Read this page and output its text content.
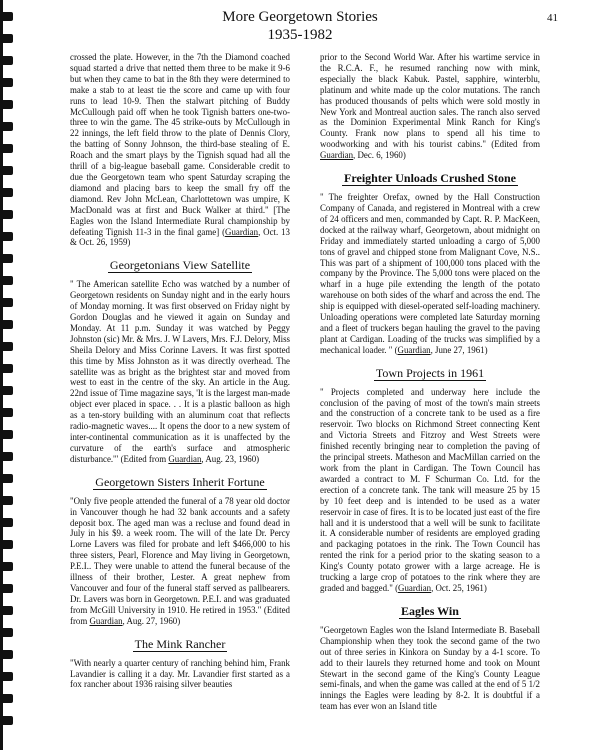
More Georgetown Stories
1935-1982
41

crossed the plate. However, in the 7th the Diamond coached squad started a drive that netted them three to be make it 9-6 but when they came to bat in the 8th they were determined to make a stab to at least tie the score and came up with four runs to lead 10-9. Then the stalwart pitching of Buddy McCullough paid off when he took Tignish batters one-two-three to win the game. The 45 strike-outs by McCullough in 22 innings, the left field throw to the plate of Dennis Clory, the batting of Sonny Johnson, the third-base stealing of E. Roach and the smart plays by the Tignish squad had all the thrill of a big-league baseball game. Considerable credit to due the Georgetown team who spent Saturday scraping the diamond and placing bars to keep the small fry off the diamond. Rev John McLean, Charlottetown was umpire, K MacDonald was at first and Buck Walker at third." [The Eagles won the Island Intermediate Rural championship by defeating Tignish 11-3 in the final game] (Guardian, Oct. 13 & Oct. 26, 1959)

Georgetonians View Satellite

" The American satellite Echo was watched by a number of Georgetown residents on Sunday night and in the early hours of Monday morning. It was first observed on Friday night by Gordon Douglas and he viewed it again on Sunday and Monday. At 11 p.m. Sunday it was watched by Peggy Johnston (sic) Mr. & Mrs. J. W Lavers, Mrs. F.J. Delory, Miss Sheila Delory and Miss Corinne Lavers. It was first spotted this time by Miss Johnston as it was directly overhead. The satellite was as bright as the brightest star and moved from west to east in the centre of the sky. An article in the Aug. 22nd issue of Time magazine says, 'It is the largest man-made object ever placed in space. . . It is a plastic balloon as high as a ten-story building with an aluminum coat that reflects radio-magnetic waves.... It opens the door to a new system of inter-continental communication as it is unaffected by the curvature of the earth's surface and atmospheric disturbance.'" (Edited from Guardian, Aug. 23, 1960)

Georgetown Sisters Inherit Fortune

"Only five people attended the funeral of a 78 year old doctor in Vancouver though he had 32 bank accounts and a safety deposit box. The aged man was a recluse and found dead in July in his $9. a week room. The will of the late Dr. Percy Lorne Lavers was filed for probate and left $466,000 to his three sisters, Pearl, Florence and May living in Georgetown, P.E.I.. They were unable to attend the funeral because of the illness of their brother, Lester. A great nephew from Vancouver and four of the funeral staff served as pallbearers. Dr. Lavers was born in Georgetown. P.E.I. and was graduated from McGill University in 1910. He retired in 1953." (Edited from Guardian, Aug. 27, 1960)

The Mink Rancher

"With nearly a quarter century of ranching behind him, Frank Lavandier is calling it a day. Mr. Lavandier first started as a fox rancher about 1936 raising silver beauties

prior to the Second World War. After his wartime service in the R.C.A. F., he resumed ranching now with mink, especially the black Kabuk. Pastel, sapphire, winterblu, platinum and white made up the color mutations. The ranch has produced thousands of pelts which were sold mostly in New York and Montreal auction sales. The ranch also served as the Dominion Experimental Mink Ranch for King's County. Frank now plans to spend all his time to woodworking and with his tourist cabins." (Edited from Guardian, Dec. 6, 1960)

Freighter Unloads Crushed Stone

" The freighter Orefax, owned by the Hall Construction Company of Canada, and registered in Montreal with a crew of 24 officers and men, commanded by Capt. R. P. MacKeen, docked at the railway wharf, Georgetown, about midnight on Friday and immediately started unloading a cargo of 5,000 tons of gravel and chipped stone from Malignant Cove, N.S.. This was part of a shipment of 100,000 tons placed with the company by the Province. The 5,000 tons were placed on the wharf in a huge pile extending the length of the potato warehouse on both sides of the wharf and across the end. The ship is equipped with diesel-operated self-loading machinery. Unloading operations were completed late Saturday morning and a fleet of truckers began hauling the gravel to the paving plant at Cardigan. Loading of the trucks was simplified by a mechanical loader. " (Guardian, June 27, 1961)

Town Projects in 1961

" Projects completed and underway here include the conclusion of the paving of most of the town's main streets and the construction of a concrete tank to be used as a fire reservoir. Two blocks on Richmond Street connecting Kent and Victoria Streets and Fitzroy and West Streets were finished recently bringing near to completion the paving of the principal streets. Matheson and MacMillan carried on the work from the plant in Cardigan. The Town Council has awarded a contract to M. F Schurman Co. Ltd. for the erection of a concrete tank. The tank will measure 25 by 15 by 10 feet deep and is intended to be used as a water reservoir in case of fires. It is to be located just east of the fire hall and it is understood that a well will be sunk to facilitate it. A considerable number of residents are employed grading and packaging potatoes in the rink. The Town Council has rented the rink for a period prior to the skating season to a King's County potato grower with a large acreage. He is trucking a large crop of potatoes to the rink where they are graded and bagged." (Guardian, Oct. 25, 1961)

Eagles Win

"Georgetown Eagles won the Island Intermediate B. Baseball Championship when they took the second game of the two out of three series in Kinkora on Sunday by a 4-1 score. To add to their laurels they returned home and took on Mount Stewart in the second game of the King's County League semi-finals, and when the game was called at the end of 5 1/2 innings the Eagles were leading by 8-2. It is doubtful if a team has ever won an Island title
